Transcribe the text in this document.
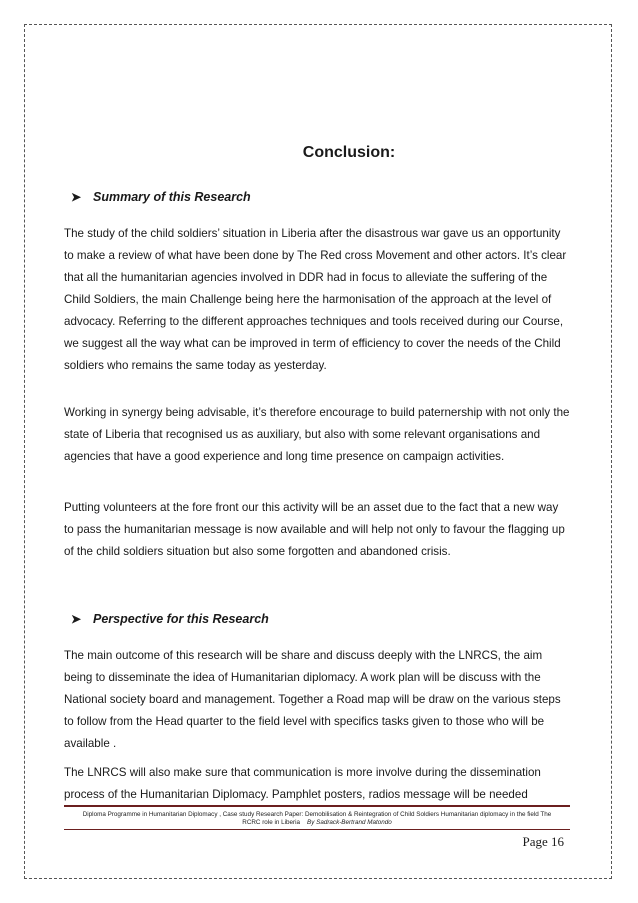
Conclusion:
➤ Summary of this Research
The study of the child soldiers’ situation in Liberia after the disastrous war gave us an opportunity to make a review of what have been done by The Red cross Movement and other actors. It’s clear that all the humanitarian agencies involved in DDR had in focus to alleviate the suffering of the Child Soldiers, the main Challenge being here the harmonisation of the approach at the level of advocacy. Referring to the different approaches techniques and tools received during our Course, we suggest all the way what can be improved in term of efficiency to cover the needs of the Child soldiers who remains the same today as yesterday.
Working in synergy being advisable, it’s therefore encourage to build paternership with not only the state of Liberia that recognised us as auxiliary, but also with some relevant organisations and agencies that have a good experience and long time presence on campaign activities.
Putting volunteers at the fore front our this activity will be an asset due to the fact that a new way to pass the humanitarian message is now available and will help not only to favour the flagging up of the child soldiers situation but also some forgotten and abandoned crisis.
➤ Perspective for this Research
The main outcome of this research will be share and discuss deeply with the LNRCS, the aim being to disseminate the idea of Humanitarian diplomacy. A work plan will be discuss with the National society board and management. Together a Road map will be draw on the various steps to follow from the Head quarter to the field level with specifics tasks given to those who will be available .
The LNRCS will also make sure that communication is more involve during the dissemination process of the Humanitarian Diplomacy. Pamphlet posters, radios message will be needed
Diploma Programme in Humanitarian Diplomacy , Case study Research Paper: Demobilisation & Reintegration of Child Soldiers Humanitarian diplomacy in the field The
RCRC role in Liberia By Sadrack-Bertrand Matondo
Page 16
